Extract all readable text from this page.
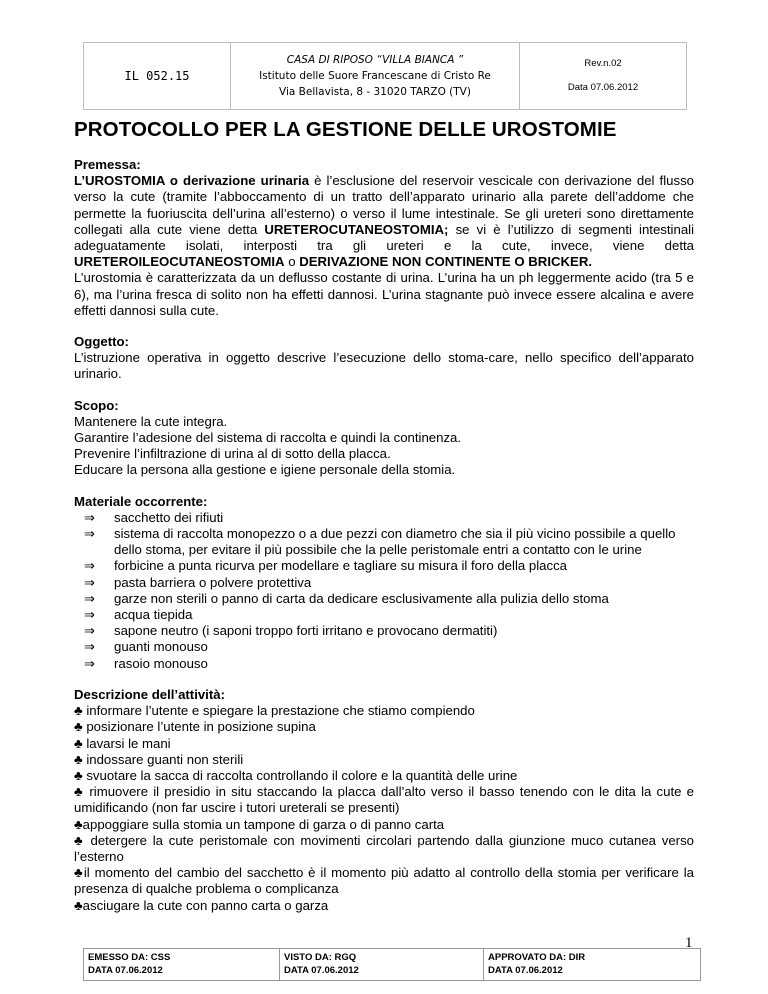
IL 052.15
CASA DI RIPOSO “VILLA BIANCA ”
Istituto delle Suore Francescane di Cristo Re
Via Bellavista, 8 - 31020 TARZO (TV)
Rev.n.02
Data 07.06.2012
PROTOCOLLO PER LA GESTIONE DELLE UROSTOMIE
Premessa:

L’UROSTOMIA o derivazione urinaria è l’esclusione del reservoir vescicale con derivazione del flusso verso la cute (tramite l’abboccamento di un tratto dell’apparato urinario alla parete dell’addome che permette la fuoriuscita dell’urina all’esterno) o verso il lume intestinale. Se gli ureteri sono direttamente collegati alla cute viene detta URETEROCUTANEOSTOMIA; se vi è l’utilizzo di segmenti intestinali adeguatamente isolati, interposti tra gli ureteri e la cute, invece, viene detta URETEROILEOCUTANEOSTOMIA o DERIVAZIONE NON CONTINENTE O BRICKER.

L’urostomia è caratterizzata da un deflusso costante di urina. L’urina ha un ph leggermente acido (tra 5 e 6), ma l’urina fresca di solito non ha effetti dannosi. L’urina stagnante può invece essere alcalina e avere effetti dannosi sulla cute.

Oggetto:

L’istruzione operativa in oggetto descrive l’esecuzione dello stoma-care, nello specifico dell’apparato urinario.

Scopo:

Mantenere la cute integra.

Garantire l’adesione del sistema di raccolta e quindi la continenza.

Prevenire l’infiltrazione di urina al di sotto della placca.

Educare la persona alla gestione e igiene personale della stomia.

Materiale occorrente:
⇒	sacchetto dei rifiuti
⇒	sistema di raccolta monopezzo o a due pezzi con diametro che sia il più vicino possibile a quello dello stoma, per evitare il più possibile che la pelle peristomale entri a contatto con le urine
⇒	forbicine a punta ricurva per modellare e tagliare su misura il foro della placca
⇒	pasta barriera o polvere protettiva
⇒	garze non sterili o panno di carta da dedicare esclusivamente alla pulizia dello stoma
⇒	acqua tiepida
⇒	sapone neutro (i saponi troppo forti irritano e provocano dermatiti)
⇒	guanti monouso
⇒	rasoio monouso
Descrizione dell’attività:

♣ informare l’utente e spiegare la prestazione che stiamo compiendo

♣ posizionare l’utente in posizione supina

♣ lavarsi le mani

♣ indossare guanti non sterili

♣ svuotare la sacca di raccolta controllando il colore e la quantità delle urine

♣ rimuovere il presidio in situ staccando la placca dall’alto verso il basso tenendo con le dita la cute e umidificando (non far uscire i tutori ureterali se presenti)

♣appoggiare sulla stomia un tampone di garza o di panno carta

♣ detergere la cute peristomale con movimenti circolari partendo dalla giunzione muco cutanea verso l’esterno

♣il momento del cambio del sacchetto è il momento più adatto al controllo della stomia per verificare la presenza di qualche problema o complicanza

♣asciugare la cute con panno carta o garza

1
EMESSO DA: CSS
DATA 07.06.2012
VISTO DA: RGQ
DATA 07.06.2012
APPROVATO DA: DIR
DATA 07.06.2012
